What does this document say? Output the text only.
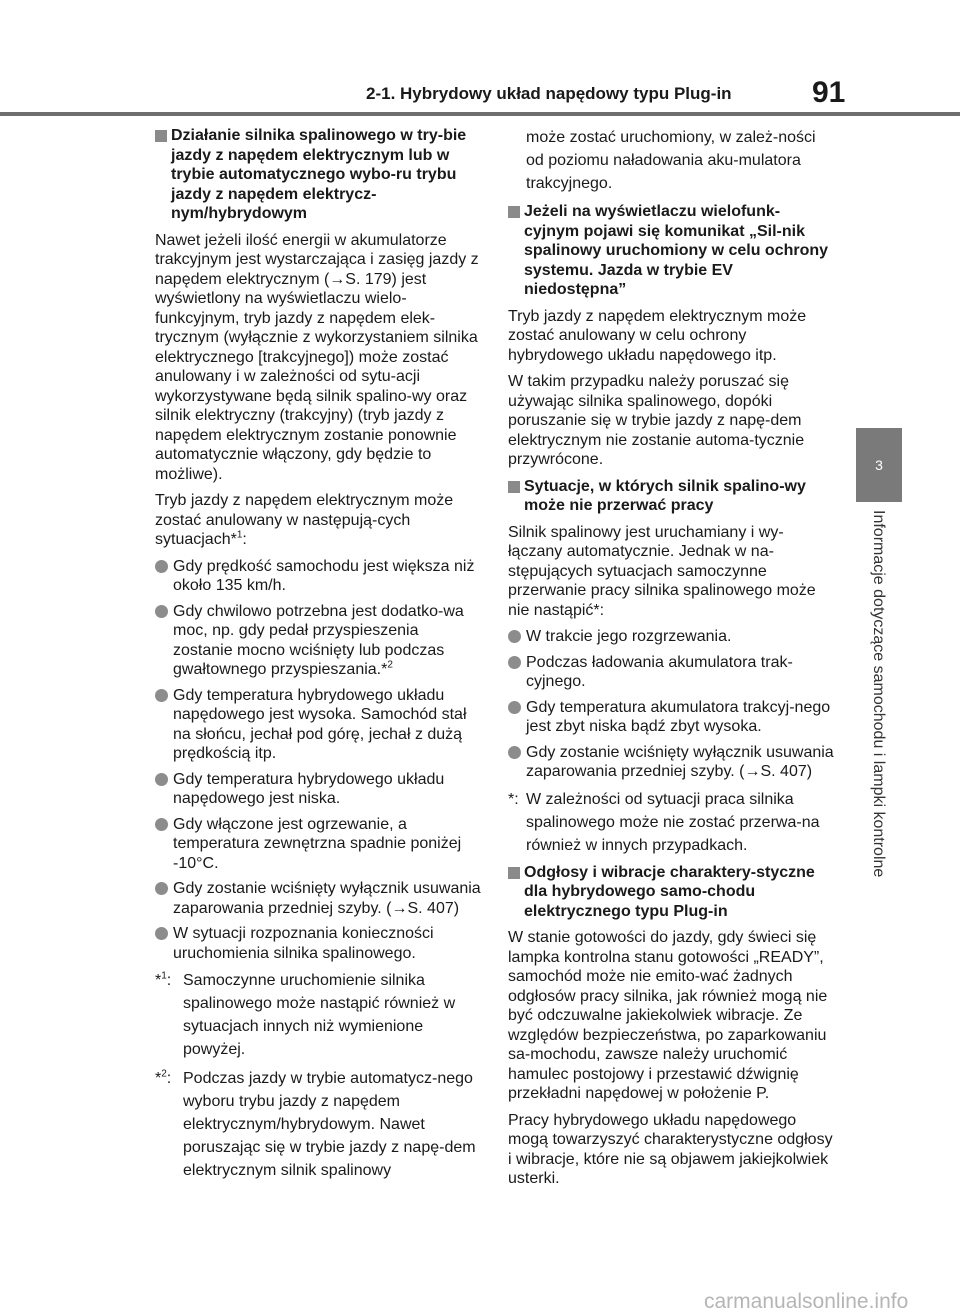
2-1. Hybrydowy układ napędowy typu Plug-in	91
3
Informacje dotyczące samochodu i lampki kontrolne
Działanie silnika spalinowego w try-bie jazdy z napędem elektrycznym lub w trybie automatycznego wybo-ru trybu jazdy z napędem elektrycz-nym/hybrydowym

Nawet jeżeli ilość energii w akumulatorze trakcyjnym jest wystarczająca i zasięg jazdy z napędem elektrycznym (→S. 179) jest wyświetlony na wyświetlaczu wielo-funkcyjnym, tryb jazdy z napędem elek-trycznym (wyłącznie z wykorzystaniem silnika elektrycznego [trakcyjnego]) może zostać anulowany i w zależności od sytu-acji wykorzystywane będą silnik spalino-wy oraz silnik elektryczny (trakcyjny) (tryb jazdy z napędem elektrycznym zostanie ponownie automatycznie włączony, gdy będzie to możliwe).

Tryb jazdy z napędem elektrycznym może zostać anulowany w następują-cych sytuacjach*$^1$:

Gdy prędkość samochodu jest większa niż około 135 km/h.
Gdy chwilowo potrzebna jest dodatko-wa moc, np. gdy pedał przyspieszenia zostanie mocno wciśnięty lub podczas gwałtownego przyspieszania.*$^2$
Gdy temperatura hybrydowego układu napędowego jest wysoka. Samochód stał na słońcu, jechał pod górę, jechał z dużą prędkością itp.
Gdy temperatura hybrydowego układu napędowego jest niska.
Gdy włączone jest ogrzewanie, a temperatura zewnętrzna spadnie poniżej -10°C.
Gdy zostanie wciśnięty wyłącznik usuwania zaparowania przedniej szyby. (→S. 407)
W sytuacji rozpoznania konieczności uruchomienia silnika spalinowego.
*$^1$: Samoczynne uruchomienie silnika spalinowego może nastąpić również w sytuacjach innych niż wymienione powyżej.
*$^2$: Podczas jazdy w trybie automatycz-nego wyboru trybu jazdy z napędem elektrycznym/hybrydowym. Nawet poruszając się w trybie jazdy z napę-dem elektrycznym silnik spalinowy
może zostać uruchomiony, w zależ-ności od poziomu naładowania aku-mulatora trakcyjnego.
Jeżeli na wyświetlaczu wielofunk-cyjnym pojawi się komunikat „Sil-nik spalinowy uruchomiony w celu ochrony systemu. Jazda w trybie EV niedostępna”

Tryb jazdy z napędem elektrycznym może zostać anulowany w celu ochrony hybrydowego układu napędowego itp.

W takim przypadku należy poruszać się używając silnika spalinowego, dopóki poruszanie się w trybie jazdy z napę-dem elektrycznym nie zostanie automa-tycznie przywrócone.

Sytuacje, w których silnik spalino-wy może nie przerwać pracy

Silnik spalinowy jest uruchamiany i wy-łączany automatycznie. Jednak w na-stępujących sytuacjach samoczynne przerwanie pracy silnika spalinowego może nie nastąpić*:

W trakcie jego rozgrzewania.
Podczas ładowania akumulatora trak-cyjnego.
Gdy temperatura akumulatora trakcyj-nego jest zbyt niska bądź zbyt wysoka.
Gdy zostanie wciśnięty wyłącznik usuwania zaparowania przedniej szyby. (→S. 407)
*: W zależności od sytuacji praca silnika spalinowego może nie zostać przerwa-na również w innych przypadkach.
Odgłosy i wibracje charaktery-styczne dla hybrydowego samo-chodu elektrycznego typu Plug-in

W stanie gotowości do jazdy, gdy świeci się lampka kontrolna stanu gotowości „READY”, samochód może nie emito-wać żadnych odgłosów pracy silnika, jak również mogą nie być odczuwalne jakiekolwiek wibracje. Ze względów bezpieczeństwa, po zaparkowaniu sa-mochodu, zawsze należy uruchomić hamulec postojowy i przestawić dźwignię przekładni napędowej w położenie P.

Pracy hybrydowego układu napędowego mogą towarzyszyć charakterystyczne odgłosy i wibracje, które nie są objawem jakiejkolwiek usterki.

carmanualsonline.info
